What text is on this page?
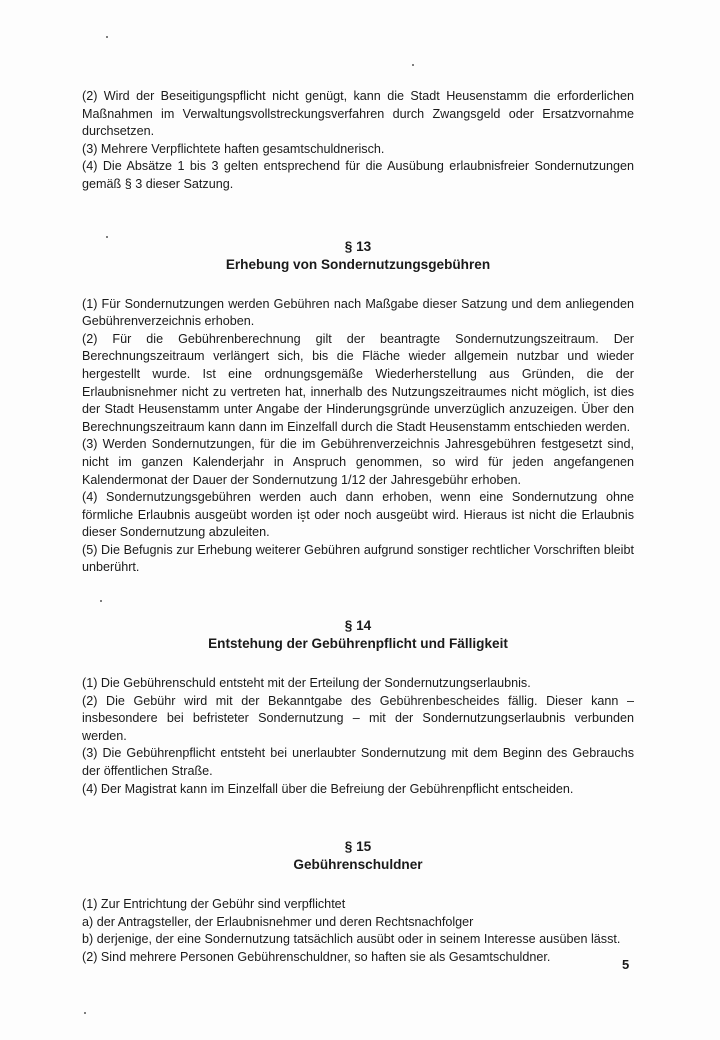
(2) Wird der Beseitigungspflicht nicht genügt, kann die Stadt Heusenstamm die erforderlichen Maßnahmen im Verwaltungsvollstreckungsverfahren durch Zwangsgeld oder Ersatzvornahme durchsetzen.

(3) Mehrere Verpflichtete haften gesamtschuldnerisch.

(4) Die Absätze 1 bis 3 gelten entsprechend für die Ausübung erlaubnisfreier Sondernutzungen gemäß § 3 dieser Satzung.

§ 13
Erhebung von Sondernutzungsgebühren

(1) Für Sondernutzungen werden Gebühren nach Maßgabe dieser Satzung und dem anliegenden Gebührenverzeichnis erhoben.

(2) Für die Gebührenberechnung gilt der beantragte Sondernutzungszeitraum. Der Berechnungszeitraum verlängert sich, bis die Fläche wieder allgemein nutzbar und wieder hergestellt wurde. Ist eine ordnungsgemäße Wiederherstellung aus Gründen, die der Erlaubnisnehmer nicht zu vertreten hat, innerhalb des Nutzungszeitraumes nicht möglich, ist dies der Stadt Heusenstamm unter Angabe der Hinderungsgründe unverzüglich anzuzeigen. Über den Berechnungszeitraum kann dann im Einzelfall durch die Stadt Heusenstamm entschieden werden.

(3) Werden Sondernutzungen, für die im Gebührenverzeichnis Jahresgebühren festgesetzt sind, nicht im ganzen Kalenderjahr in Anspruch genommen, so wird für jeden angefangenen Kalendermonat der Dauer der Sondernutzung 1/12 der Jahresgebühr erhoben.

(4) Sondernutzungsgebühren werden auch dann erhoben, wenn eine Sondernutzung ohne förmliche Erlaubnis ausgeübt worden ist oder noch ausgeübt wird. Hieraus ist nicht die Erlaubnis dieser Sondernutzung abzuleiten.

(5) Die Befugnis zur Erhebung weiterer Gebühren aufgrund sonstiger rechtlicher Vorschriften bleibt unberührt.

§ 14
Entstehung der Gebührenpflicht und Fälligkeit

(1) Die Gebührenschuld entsteht mit der Erteilung der Sondernutzungserlaubnis.

(2) Die Gebühr wird mit der Bekanntgabe des Gebührenbescheides fällig. Dieser kann – insbesondere bei befristeter Sondernutzung – mit der Sondernutzungserlaubnis verbunden werden.

(3) Die Gebührenpflicht entsteht bei unerlaubter Sondernutzung mit dem Beginn des Gebrauchs der öffentlichen Straße.

(4) Der Magistrat kann im Einzelfall über die Befreiung der Gebührenpflicht entscheiden.

§ 15
Gebührenschuldner

(1) Zur Entrichtung der Gebühr sind verpflichtet

a) der Antragsteller, der Erlaubnisnehmer und deren Rechtsnachfolger

b) derjenige, der eine Sondernutzung tatsächlich ausübt oder in seinem Interesse ausüben lässt.

(2) Sind mehrere Personen Gebührenschuldner, so haften sie als Gesamtschuldner.	5
